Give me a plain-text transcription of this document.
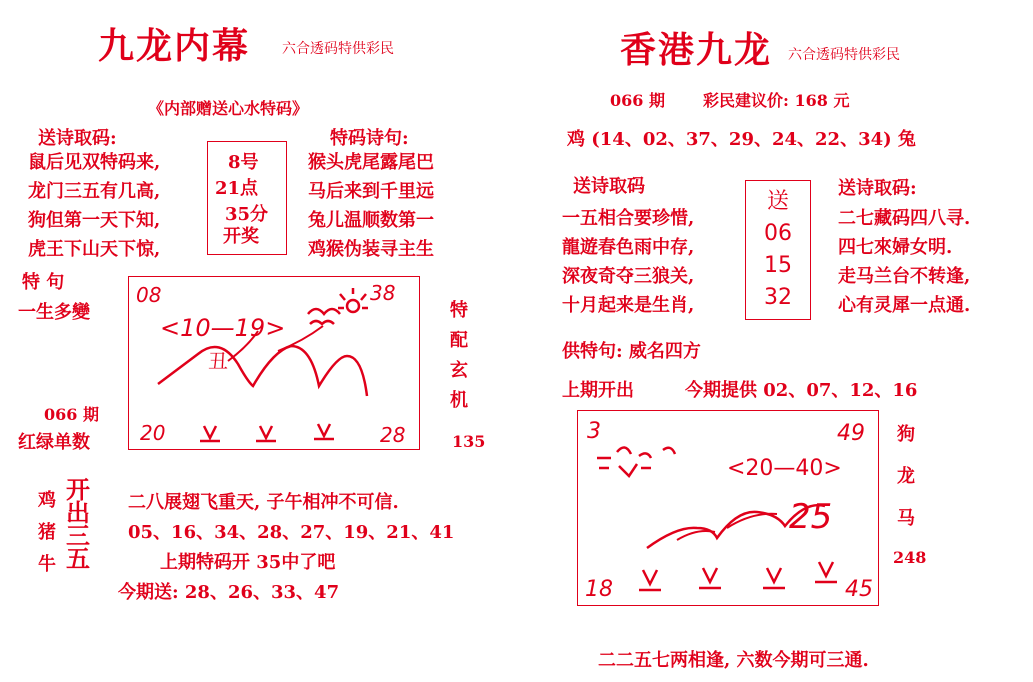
九龙内幕 六合透码特供彩民
《内部赠送心水特码》
送诗取码:
鼠后见双特码来,
龙门三五有几高,
狗但第一天下知,
虎王下山天下惊,
8号
21点
35分
开奖
特码诗句:
猴头虎尾露尾巴
马后来到千里远
兔儿温顺数第一
鸡猴伪装寻主生
特 句
一生多變
066 期
红绿单数
08	38
<10—19>
丑
20	28
特
配
玄
机
135
鸡
猪
牛
开
出
三
五
二八展翅飞重天, 子午相冲不可信.
05、16、34、28、27、19、21、41
上期特码开 35中了吧
今期送: 28、26、33、47
香港九龙 六合透码特供彩民
066 期 彩民建议价: 168 元
鸡 (14、02、37、29、24、22、34) 兔
送诗取码
一五相合要珍惜,
龍遊春色雨中存,
深夜奇夺三狼关,
十月起来是生肖,
送
06
15
32
送诗取码:
二七藏码四八寻.
四七來婦女明.
走马兰台不转逢,
心有灵犀一点通.
供特句: 威名四方
上期开出	今期提供 02、07、12、16
3	49
<20—40>
25
18	45
狗
龙
马
248
二二五七两相逢, 六数今期可三通.
